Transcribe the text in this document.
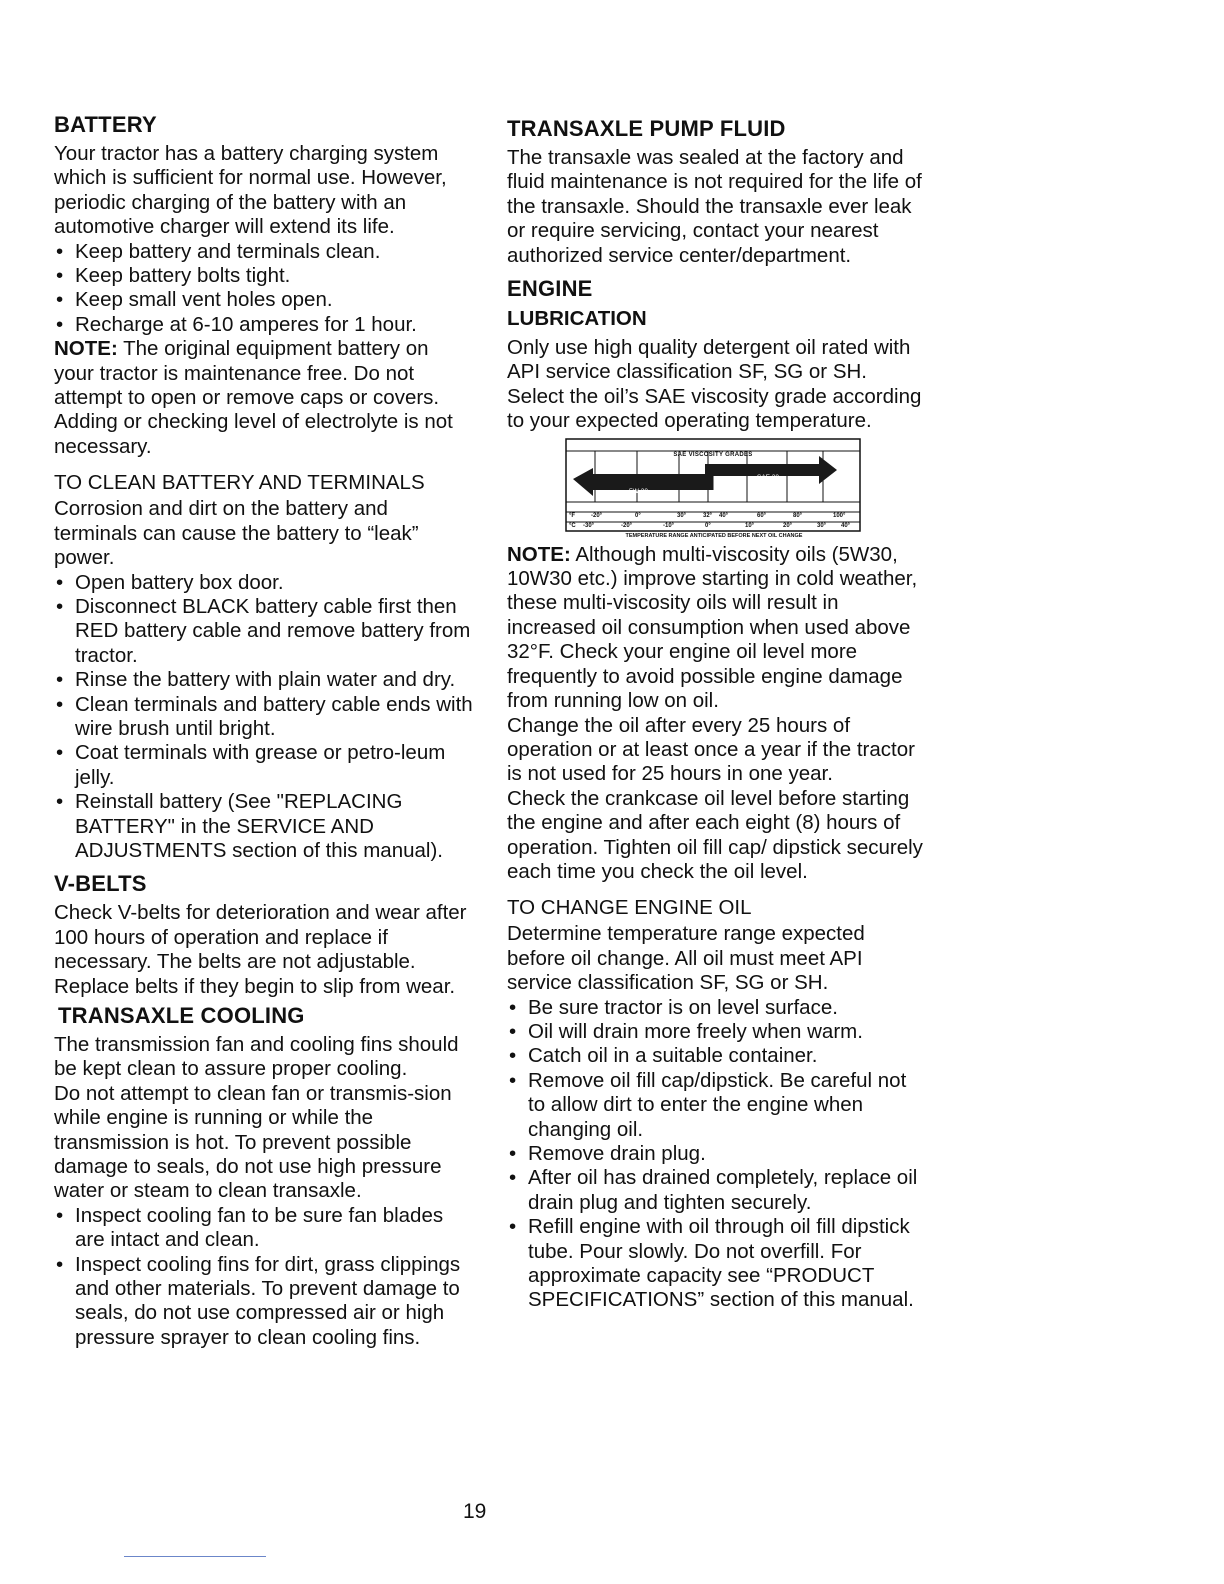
BATTERY

Your tractor has a battery charging system which is sufficient for normal use. However, periodic charging of the battery with an automotive charger will extend its life.

• Keep battery and terminals clean.
• Keep battery bolts tight.
• Keep small vent holes open.
• Recharge at 6-10 amperes for 1 hour.

NOTE: The original equipment battery on your tractor is maintenance free. Do not attempt to open or remove caps or covers. Adding or checking level of electrolyte is not necessary.

TO CLEAN BATTERY AND TERMINALS

Corrosion and dirt on the battery and terminals can cause the battery to “leak” power.

• Open battery box door.
• Disconnect BLACK battery cable first then RED battery cable and remove battery from tractor.
• Rinse the battery with plain water and dry.
• Clean terminals and battery cable ends with wire brush until bright.
• Coat terminals with grease or petro-leum jelly.
• Reinstall battery (See "REPLACING BATTERY" in the SERVICE AND ADJUSTMENTS section of this manual).
V-BELTS

Check V-belts for deterioration and wear after 100 hours of operation and replace if necessary. The belts are not adjustable. Replace belts if they begin to slip from wear.

TRANSAXLE COOLING

The transmission fan and cooling fins should be kept clean to assure proper cooling.

Do not attempt to clean fan or transmis-sion while engine is running or while the transmission is hot. To prevent possible damage to seals, do not use high pressure water or steam to clean transaxle.

• Inspect cooling fan to be sure fan blades are intact and clean.
• Inspect cooling fins for dirt, grass clippings and other materials. To prevent damage to seals, do not use compressed air or high pressure sprayer to clean cooling fins.
TRANSAXLE PUMP FLUID

The transaxle was sealed at the factory and fluid maintenance is not required for the life of the transaxle. Should the transaxle ever leak or require servicing, contact your nearest authorized service center/department.

ENGINE
LUBRICATION

Only use high quality detergent oil rated with API service classification SF, SG or SH. Select the oil’s SAE viscosity grade according to your expected operating temperature.

SAE VISCOSITY GRADES
5W-30
SAE 30
°F	-20°	0°	30°	32° 40°	60°	80°	100°
°C -30°	-20°	-10°	0°	10°	20°	30° 40°
TEMPERATURE RANGE ANTICIPATED BEFORE NEXT OIL CHANGE

NOTE: Although multi-viscosity oils (5W30, 10W30 etc.) improve starting in cold weather, these multi-viscosity oils will result in increased oil consumption when used above 32°F. Check your engine oil level more frequently to avoid possible engine damage from running low on oil.

Change the oil after every 25 hours of operation or at least once a year if the tractor is not used for 25 hours in one year.

Check the crankcase oil level before starting the engine and after each eight (8) hours of operation. Tighten oil fill cap/ dipstick securely each time you check the oil level.

TO CHANGE ENGINE OIL

Determine temperature range expected before oil change. All oil must meet API service classification SF, SG or SH.

• Be sure tractor is on level surface.
• Oil will drain more freely when warm.
• Catch oil in a suitable container.
• Remove oil fill cap/dipstick. Be careful not to allow dirt to enter the engine when changing oil.
• Remove drain plug.
• After oil has drained completely, replace oil drain plug and tighten securely.
• Refill engine with oil through oil fill dipstick tube. Pour slowly. Do not overfill. For approximate capacity see “PRODUCT SPECIFICATIONS” section of this manual.
19
